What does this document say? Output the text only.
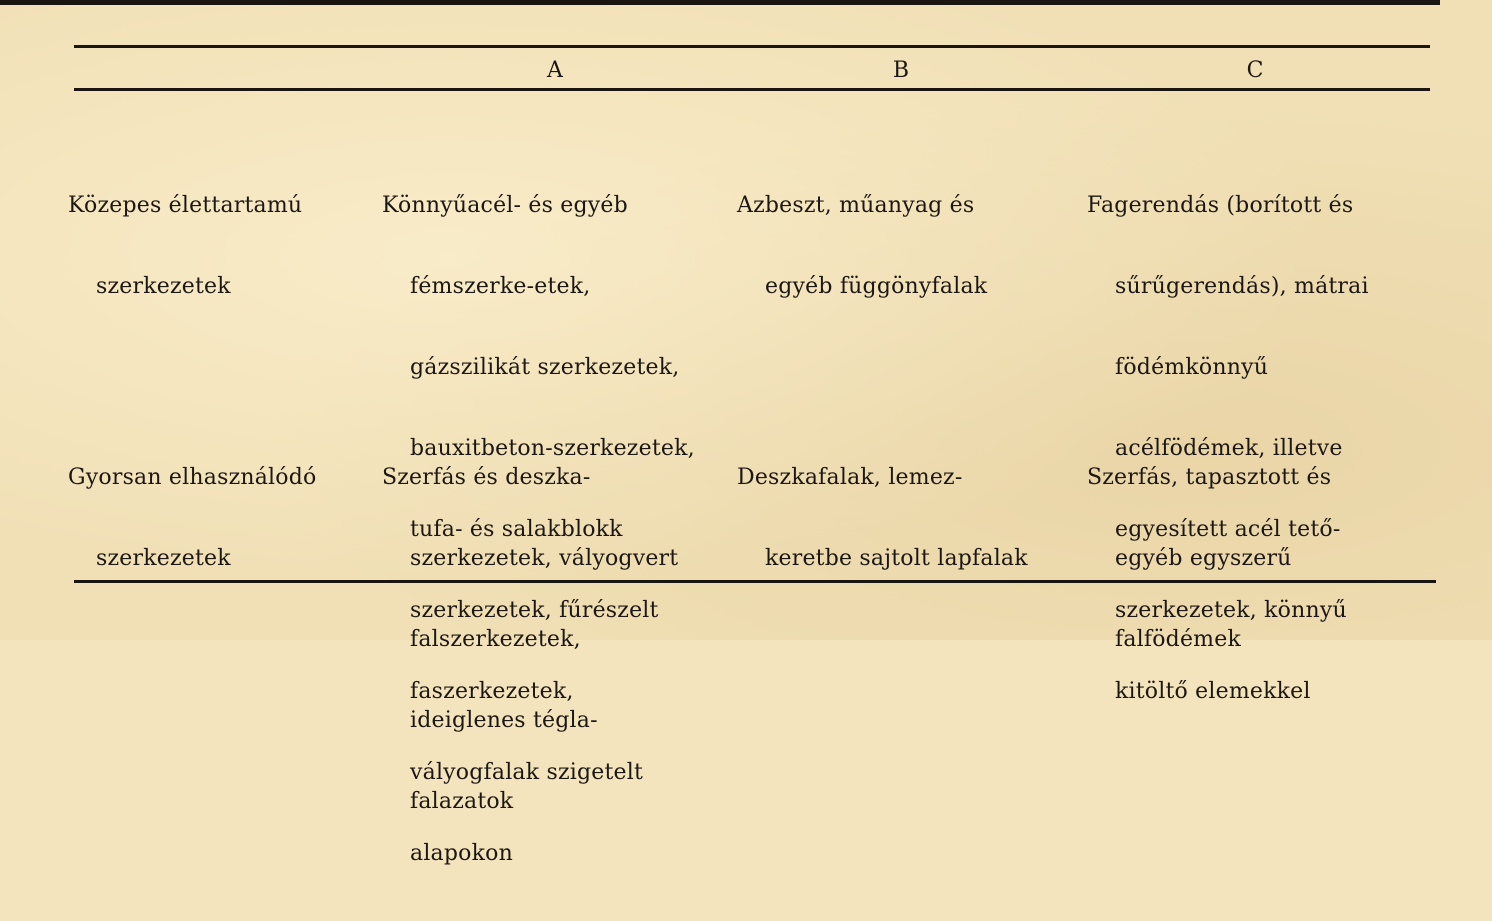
A	B	C

Közepes élettartamú

szerkezetek

Könnyűacél- és egyéb

fémszerke-etek,

gázszilikát szerkezetek,

bauxitbeton-szerkezetek,

tufa- és salakblokk

szerkezetek, fűrészelt

faszerkezetek,

vályogfalak szigetelt

alapokon

Azbeszt, műanyag és

egyéb függönyfalak

Fagerendás (borított és

sűrűgerendás), mátrai

födémkönnyű

acélfödémek, illetve

egyesített acél tető-

szerkezetek, könnyű

kitöltő elemekkel

Gyorsan elhasználódó

szerkezetek

Szerfás és deszka-

szerkezetek, vályogvert

falszerkezetek,

ideiglenes tégla-

falazatok

Deszkafalak, lemez-

keretbe sajtolt lapfalak

Szerfás, tapasztott és

egyéb egyszerű

falfödémek
